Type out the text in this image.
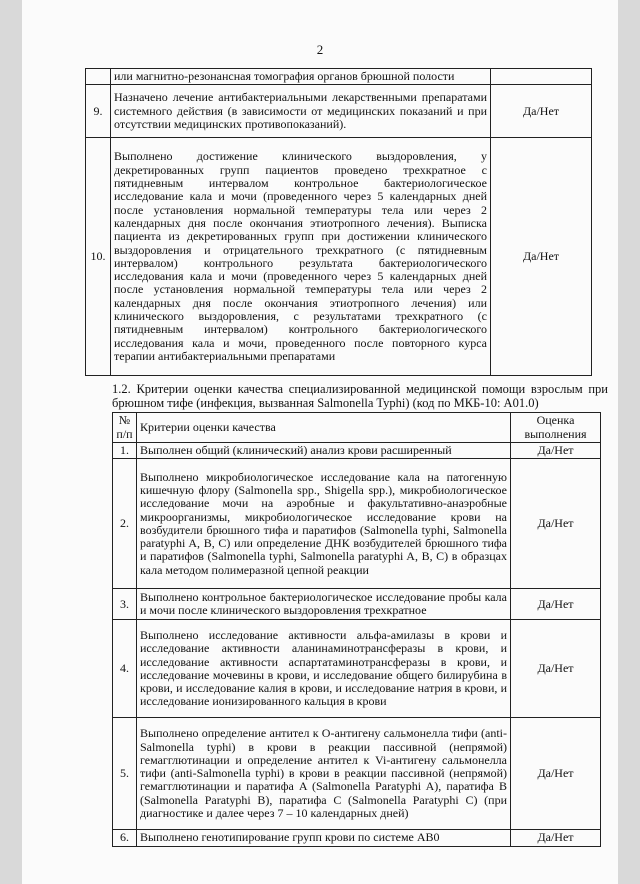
2
	или магнитно-резонансная томография органов брюшной полости	
9.	Назначено лечение антибактериальными лекарственными препаратами системного действия (в зависимости от медицинских показаний и при отсутствии медицинских противопоказаний).	Да/Нет
10.	Выполнено достижение клинического выздоровления, у декретированных групп пациентов проведено трехкратное с пятидневным интервалом контрольное бактериологическое исследование кала и мочи (проведенного через 5 календарных дней после установления нормальной температуры тела или через 2 календарных дня после окончания этиотропного лечения). Выписка пациента из декретированных групп при достижении клинического выздоровления и отрицательного трехкратного (с пятидневным интервалом) контрольного результата бактериологического исследования кала и мочи (проведенного через 5 календарных дней после установления нормальной температуры тела или через 2 календарных дня после окончания этиотропного лечения) или клинического выздоровления, с результатами трехкратного (с пятидневным интервалом) контрольного бактериологического исследования кала и мочи, проведенного после повторного курса терапии антибактериальными препаратами	Да/Нет
1.2. Критерии оценки качества специализированной медицинской помощи взрослым при брюшном тифе (инфекция, вызванная Salmonella Typhi) (код по МКБ-10: A01.0)
№ п/п	Критерии оценки качества	Оценка выполнения
1.	Выполнен общий (клинический) анализ крови расширенный	Да/Нет
2.	Выполнено микробиологическое исследование кала на патогенную кишечную флору (Salmonella spp., Shigella spp.), микробиологическое исследование мочи на аэробные и факультативно-анаэробные микроорганизмы, микробиологическое исследование крови на возбудители брюшного тифа и паратифов (Salmonella typhi, Salmonella paratyphi A, B, C) или определение ДНК возбудителей брюшного тифа и паратифов (Salmonella typhi, Salmonella paratyphi A, B, C) в образцах кала методом полимеразной цепной реакции	Да/Нет
3.	Выполнено контрольное бактериологическое исследование пробы кала и мочи после клинического выздоровления трехкратное	Да/Нет
4.	Выполнено исследование активности альфа-амилазы в крови и исследование активности аланинаминотрансферазы в крови, и исследование активности аспартатаминотрансферазы в крови, и исследование мочевины в крови, и исследование общего билирубина в крови, и исследование калия в крови, и исследование натрия в крови, и исследование ионизированного кальция в крови	Да/Нет
5.	Выполнено определение антител к О-антигену сальмонелла тифи (anti-Salmonella typhi) в крови в реакции пассивной (непрямой) гемагглютинации и определение антител к Vi-антигену сальмонелла тифи (anti-Salmonella typhi) в крови в реакции пассивной (непрямой) гемагглютинации и паратифа A (Salmonella Paratyphi A), паратифа B (Salmonella Paratyphi B), паратифа C (Salmonella Paratyphi C) (при диагностике и далее через 7 – 10 календарных дней)	Да/Нет
6.	Выполнено генотипирование групп крови по системе AB0	Да/Нет
